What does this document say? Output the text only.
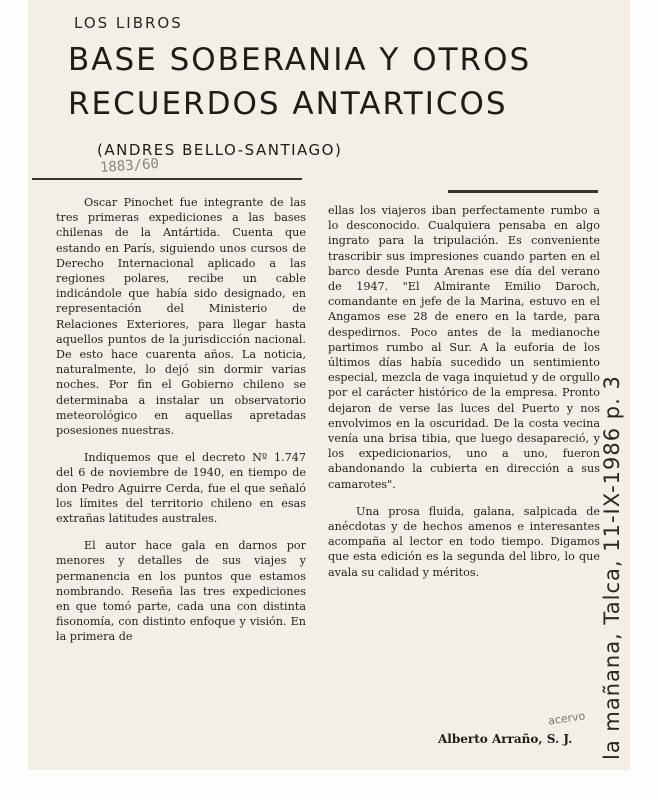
LOS LIBROS
BASE SOBERANIA Y OTROS
RECUERDOS ANTARTICOS
(ANDRES BELLO-SANTIAGO)
1883/60

Oscar Pinochet fue integrante de las tres primeras expediciones a las bases chilenas de la Antártida. Cuenta que estando en París, siguiendo unos cursos de Derecho Internacional aplicado a las regiones polares, recibe un cable indicándole que había sido designado, en representación del Ministerio de Relaciones Exteriores, para llegar hasta aquellos puntos de la jurisdicción nacional. De esto hace cuarenta años. La noticia, naturalmente, lo dejó sin dormir varias noches. Por fin el Gobierno chileno se determinaba a instalar un observatorio meteorológico en aquellas apretadas posesiones nuestras.

Indiquemos que el decreto Nº 1.747 del 6 de noviembre de 1940, en tiempo de don Pedro Aguirre Cerda, fue el que señaló los límites del territorio chileno en esas extrañas latitudes australes.

El autor hace gala en darnos por menores y detalles de sus viajes y permanencia en los puntos que estamos nombrando. Reseña las tres expediciones en que tomó parte, cada una con distinta fisonomía, con distinto enfoque y visión. En la primera de

ellas los viajeros iban perfectamente rumbo a lo desconocido. Cualquiera pensaba en algo ingrato para la tripulación. Es conveniente trascribir sus impresiones cuando parten en el barco desde Punta Arenas ese día del verano de 1947. "El Almirante Emilio Daroch, comandante en jefe de la Marina, estuvo en el Angamos ese 28 de enero en la tarde, para despedirnos. Poco antes de la medianoche partimos rumbo al Sur. A la euforia de los últimos días había sucedido un sentimiento especial, mezcla de vaga inquietud y de orgullo por el carácter histórico de la empresa. Pronto dejaron de verse las luces del Puerto y nos envolvimos en la oscuridad. De la costa vecina venía una brisa tibia, que luego desapareció, y los expedicionarios, uno a uno, fueron abandonando la cubierta en dirección a sus camarotes".

Una prosa fluida, galana, salpicada de anécdotas y de hechos amenos e interesantes acompaña al lector en todo tiempo. Digamos que esta edición es la segunda del libro, lo que avala su calidad y méritos.

acervo
Alberto Arraño, S. J. la mañana, Talca, 11-IX-1986 p. 3
